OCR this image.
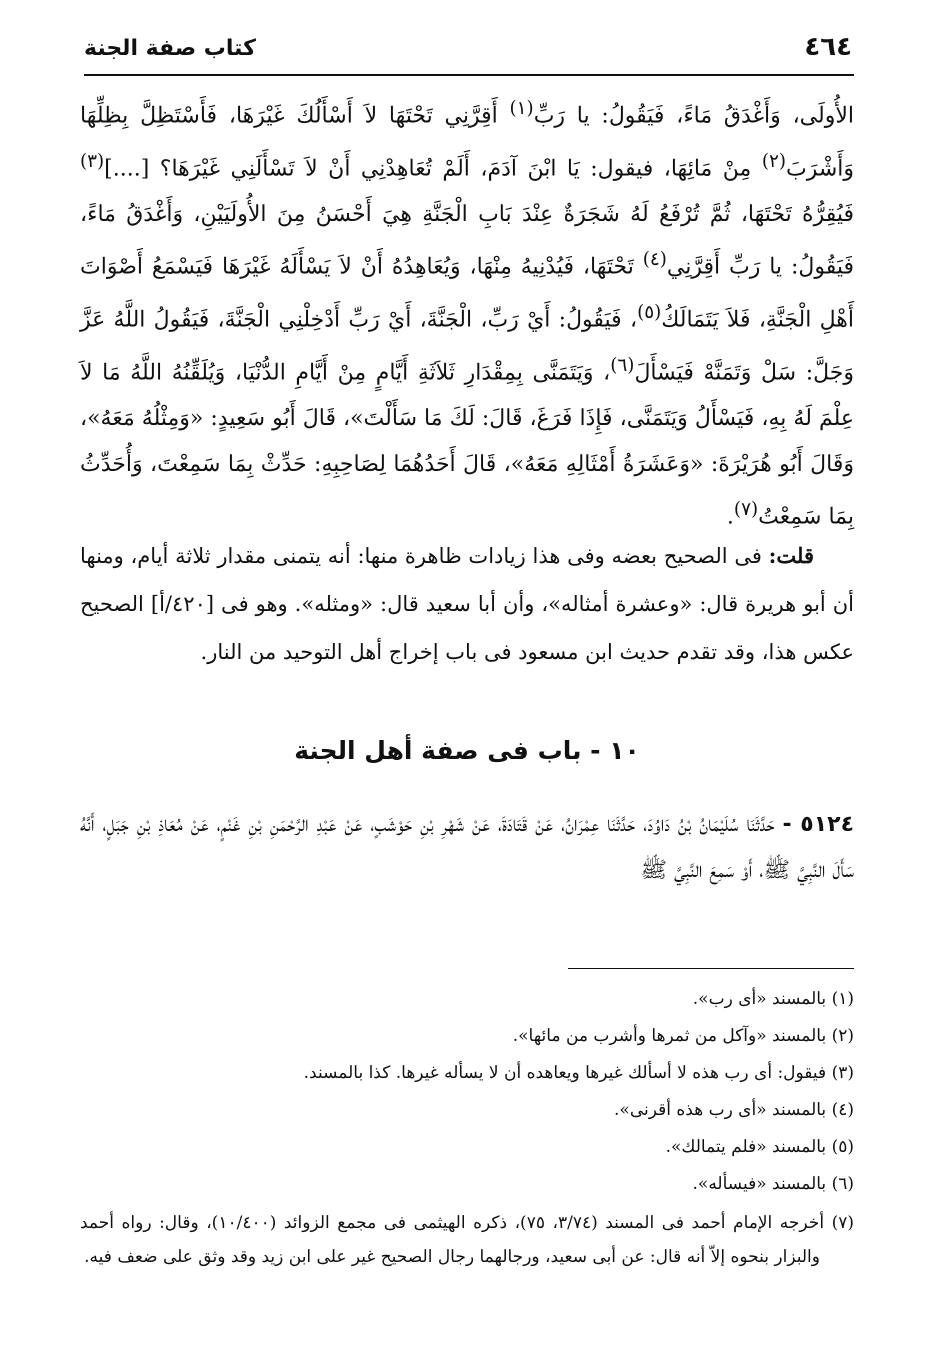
٤٦٤
كتاب صفة الجنة

الأُولَى، وَأَغْدَقُ مَاءً، فَيَقُولُ: يا رَبِّ$^{(١)}$ أَقِرَّنِي تَحْتَهَا لاَ أَسْأَلُكَ غَيْرَهَا، فَأَسْتَظِلَّ بِظِلِّهَا وَأَشْرَبَ$^{(٢)}$ مِنْ مَائِهَا، فيقول: يَا ابْنَ آدَمَ، أَلَمْ تُعَاهِدْنِي أَنْ لاَ تَسْأَلَنِي غَيْرَهَا؟ [....]$^{(٣)}$ فَيُقِرُّهُ تَحْتَهَا، ثُمَّ تُرْفَعُ لَهُ شَجَرَةٌ عِنْدَ بَابِ الْجَنَّةِ هِيَ أَحْسَنُ مِنَ الأُولَيَيْنِ، وَأَغْدَقُ مَاءً، فَيَقُولُ: يا رَبِّ أَقِرَّنِي$^{(٤)}$ تَحْتَهَا، فَيُدْنِيهُ مِنْهَا، وَيُعَاهِدُهُ أَنْ لاَ يَسْأَلَهُ غَيْرَهَا فَيَسْمَعُ أَصْوَاتَ أَهْلِ الْجَنَّةِ، فَلاَ يَتَمَالَكُ$^{(٥)}$، فَيَقُولُ: أَيْ رَبِّ، الْجَنَّةَ، أَيْ رَبِّ أَدْخِلْنِي الْجَنَّةَ، فَيَقُولُ اللَّهُ عَزَّ وَجَلَّ: سَلْ وَتَمَنَّهْ فَيَسْأَلَ$^{(٦)}$، وَيَتَمَنَّى بِمِقْدَارِ ثَلاَثَةِ أَيَّامٍ مِنْ أَيَّامِ الدُّنْيَا، وَيُلَقِّنُهُ اللَّهُ مَا لاَ عِلْمَ لَهُ بِهِ، فَيَسْأَلُ وَيَتَمَنَّى، فَإِذَا فَرَغَ، قَالَ: لَكَ مَا سَأَلْتَ»، قَالَ أَبُو سَعِيدٍ: «وَمِثْلُهُ مَعَهُ»، وَقَالَ أَبُو هُرَيْرَةَ: «وَعَشَرَةُ أَمْثَالِهِ مَعَهُ»، قَالَ أَحَدُهُمَا لِصَاحِبِهِ: حَدِّثْ بِمَا سَمِعْتَ، وَأُحَدِّثُ بِمَا سَمِعْتُ$^{(٧)}$.

قلت: فى الصحيح بعضه وفى هذا زيادات ظاهرة منها: أنه يتمنى مقدار ثلاثة أيام، ومنها أن أبو هريرة قال: «وعشرة أمثاله»، وأن أبا سعيد قال: «ومثله». وهو فى [٤٢٠/أ] الصحيح عكس هذا، وقد تقدم حديث ابن مسعود فى باب إخراج أهل التوحيد من النار.
١٠ - باب فى صفة أهل الجنة
٥١٢٤ - حَدَّثَنَا سُلَيْمَانُ بْنُ دَاوُدَ، حَدَّثَنَا عِمْرَانُ، عَنْ قَتَادَةَ، عَنْ شَهْرِ بْنِ حَوْشَبٍ، عَنْ عَبْدِ الرَّحْمَنِ بْنِ غَنْمٍ، عَنْ مُعَاذِ بْنِ جَبَلٍ، أَنَّهُ سَأَلَ النَّبِيَّ ﷺ، أَوْ سَمِعَ النَّبِيَّ ﷺ

(١) بالمسند «أى رب».

(٢) بالمسند «وآكل من ثمرها وأشرب من مائها».

(٣) فيقول: أى رب هذه لا أسألك غيرها ويعاهده أن لا يسأله غيرها. كذا بالمسند.

(٤) بالمسند «أى رب هذه أقرنى».

(٥) بالمسند «فلم يتمالك».

(٦) بالمسند «فيسأله».

(٧) أخرجه الإمام أحمد فى المسند (٣/٧٤، ٧٥)، ذكره الهيثمى فى مجمع الزوائد (١٠/٤٠٠)، وقال: رواه أحمد والبزار بنحوه إلاّ أنه قال: عن أبى سعيد، ورجالهما رجال الصحيح غير على ابن زيد وقد وثق على ضعف فيه.
